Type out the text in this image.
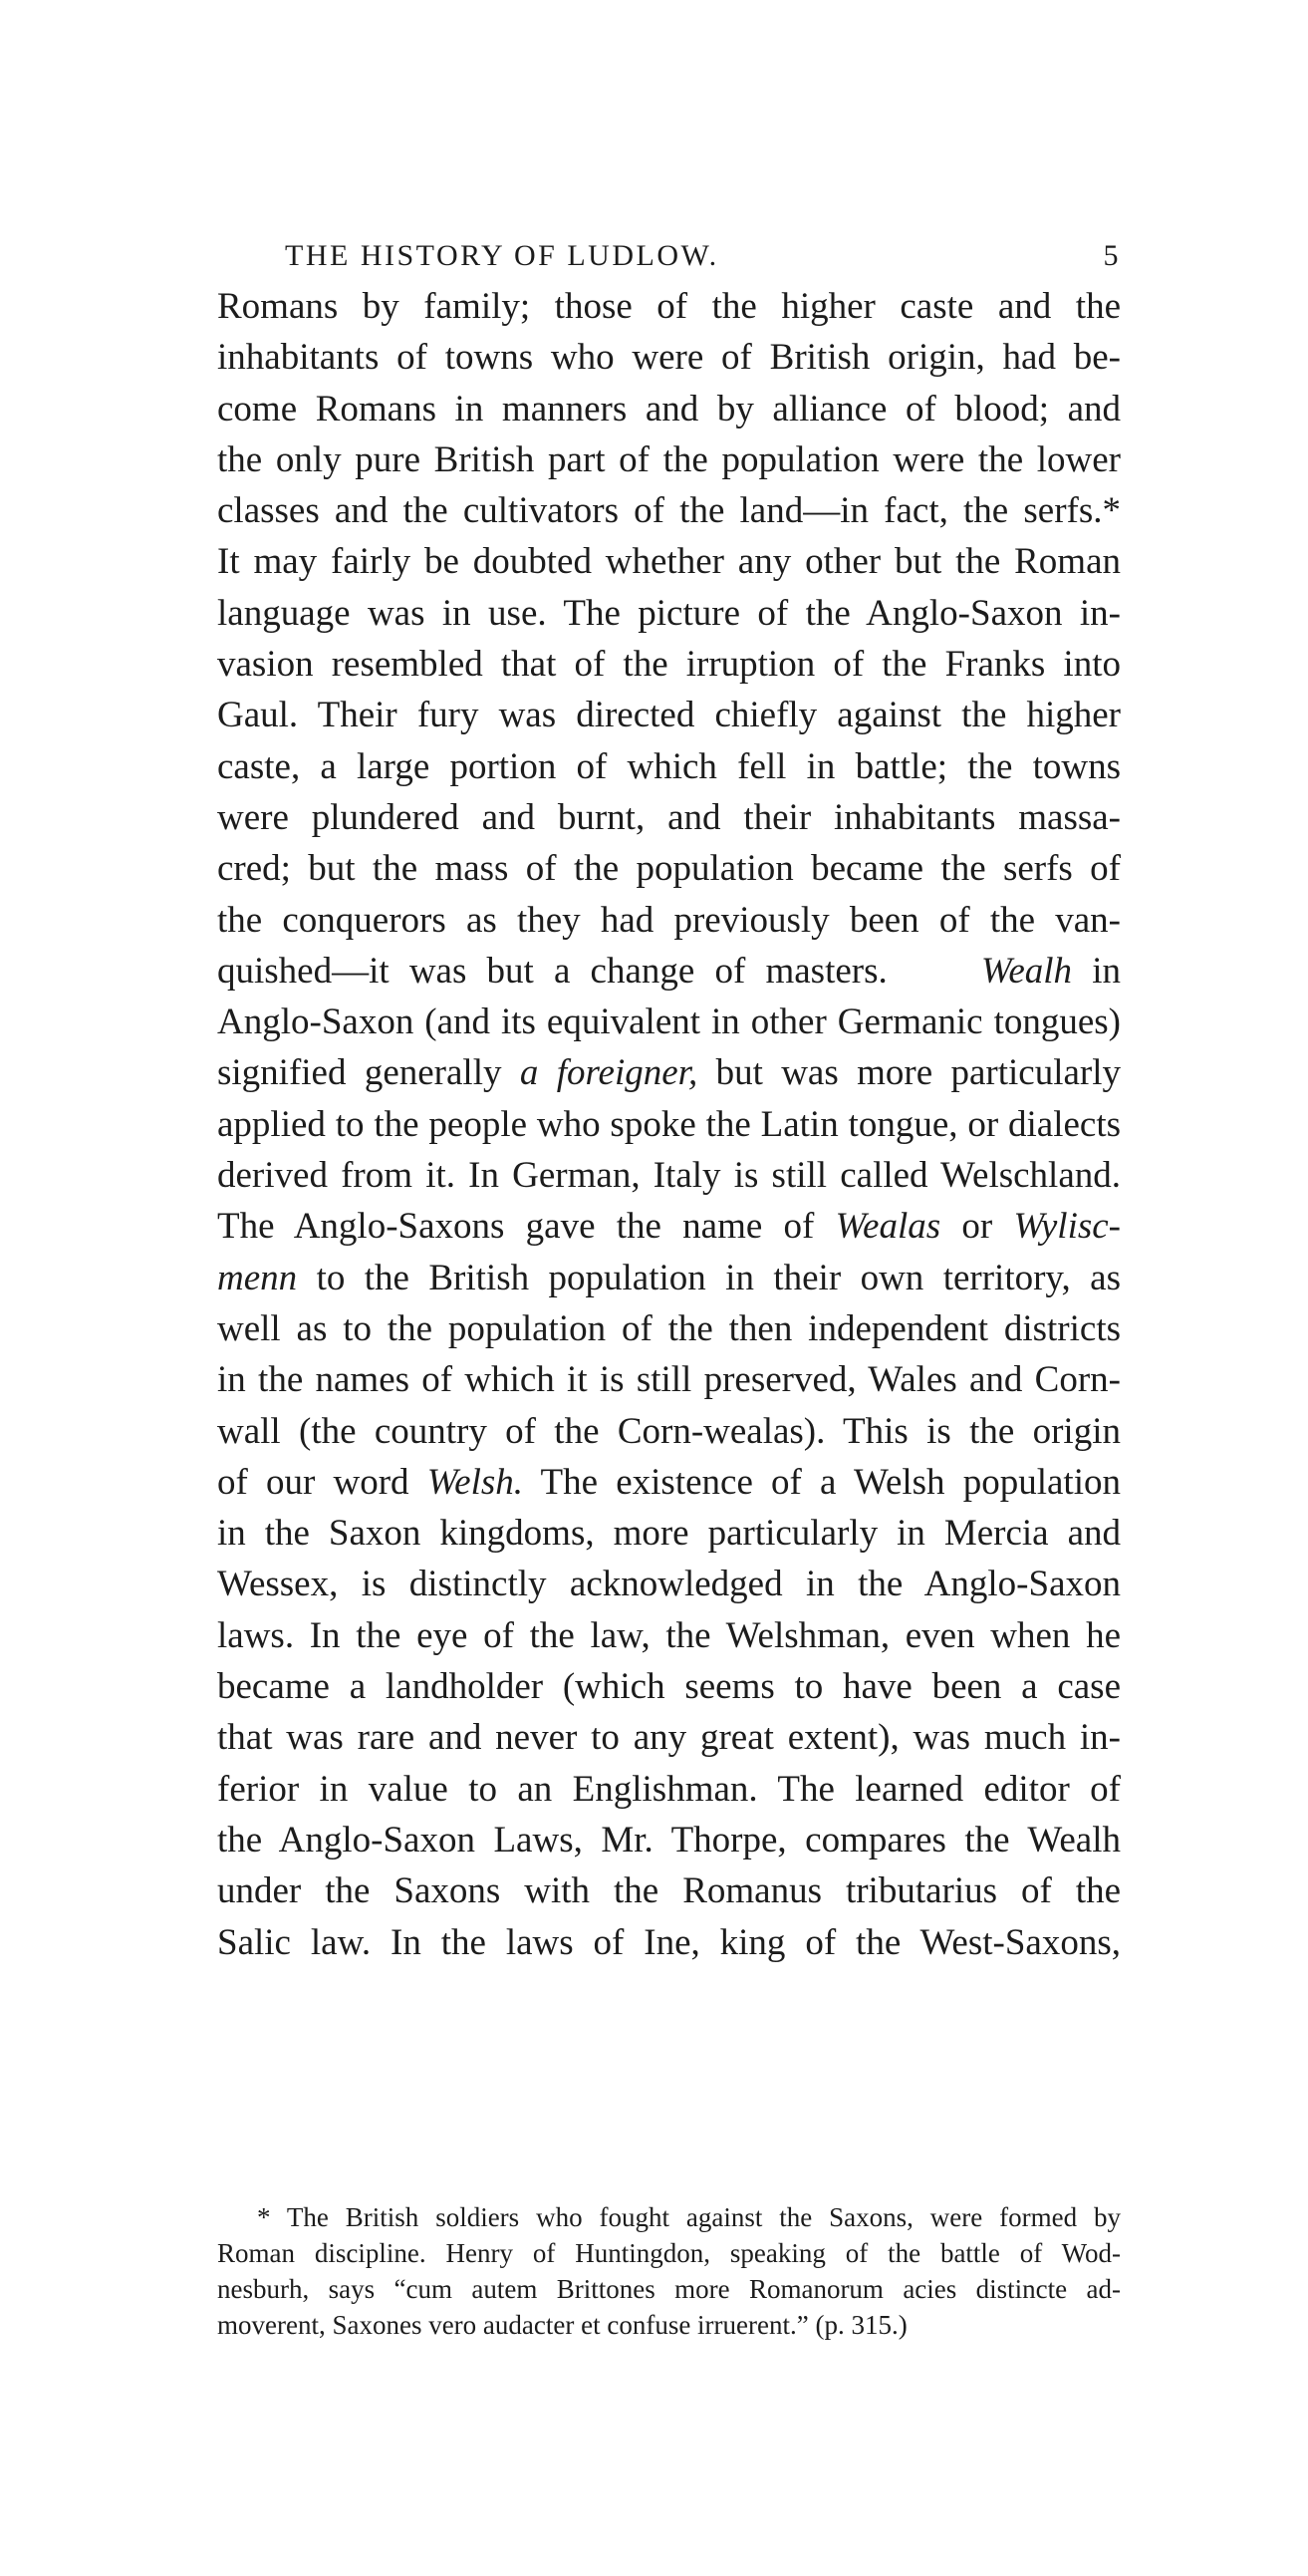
THE HISTORY OF LUDLOW.	5
Romans by family; those of the higher caste and the
inhabitants of towns who were of British origin, had be-
come Romans in manners and by alliance of blood; and
the only pure British part of the population were the lower
classes and the cultivators of the land—in fact, the serfs.*
It may fairly be doubted whether any other but the Roman
language was in use. The picture of the Anglo-Saxon in-
vasion resembled that of the irruption of the Franks into
Gaul. Their fury was directed chiefly against the higher
caste, a large portion of which fell in battle; the towns
were plundered and burnt, and their inhabitants massa-
cred; but the mass of the population became the serfs of
the conquerors as they had previously been of the van-
quished—it was but a change of masters.   	Wealh in
Anglo-Saxon (and its equivalent in other Germanic tongues)
signified generally a foreigner, but was more particularly
applied to the people who spoke the Latin tongue, or dialects
derived from it. In German, Italy is still called Welschland.
The Anglo-Saxons gave the name of Wealas or Wylisc-
menn to the British population in their own territory, as
well as to the population of the then independent districts
in the names of which it is still preserved, Wales and Corn-
wall (the country of the Corn-wealas). This is the origin
of our word Welsh. The existence of a Welsh population
in the Saxon kingdoms, more particularly in Mercia and
Wessex, is distinctly acknowledged in the Anglo-Saxon
laws. In the eye of the law, the Welshman, even when he
became a landholder (which seems to have been a case
that was rare and never to any great extent), was much in-
ferior in value to an Englishman. The learned editor of
the Anglo-Saxon Laws, Mr. Thorpe, compares the Wealh
under the Saxons with the Romanus tributarius of the
Salic law. In the laws of Ine, king of the West-Saxons,
* The British soldiers who fought against the Saxons, were formed by
Roman discipline. Henry of Huntingdon, speaking of the battle of Wod-
nesburh, says “cum autem Brittones more Romanorum acies distincte ad-
moverent, Saxones vero audacter et confuse irruerent.” (p. 315.)
